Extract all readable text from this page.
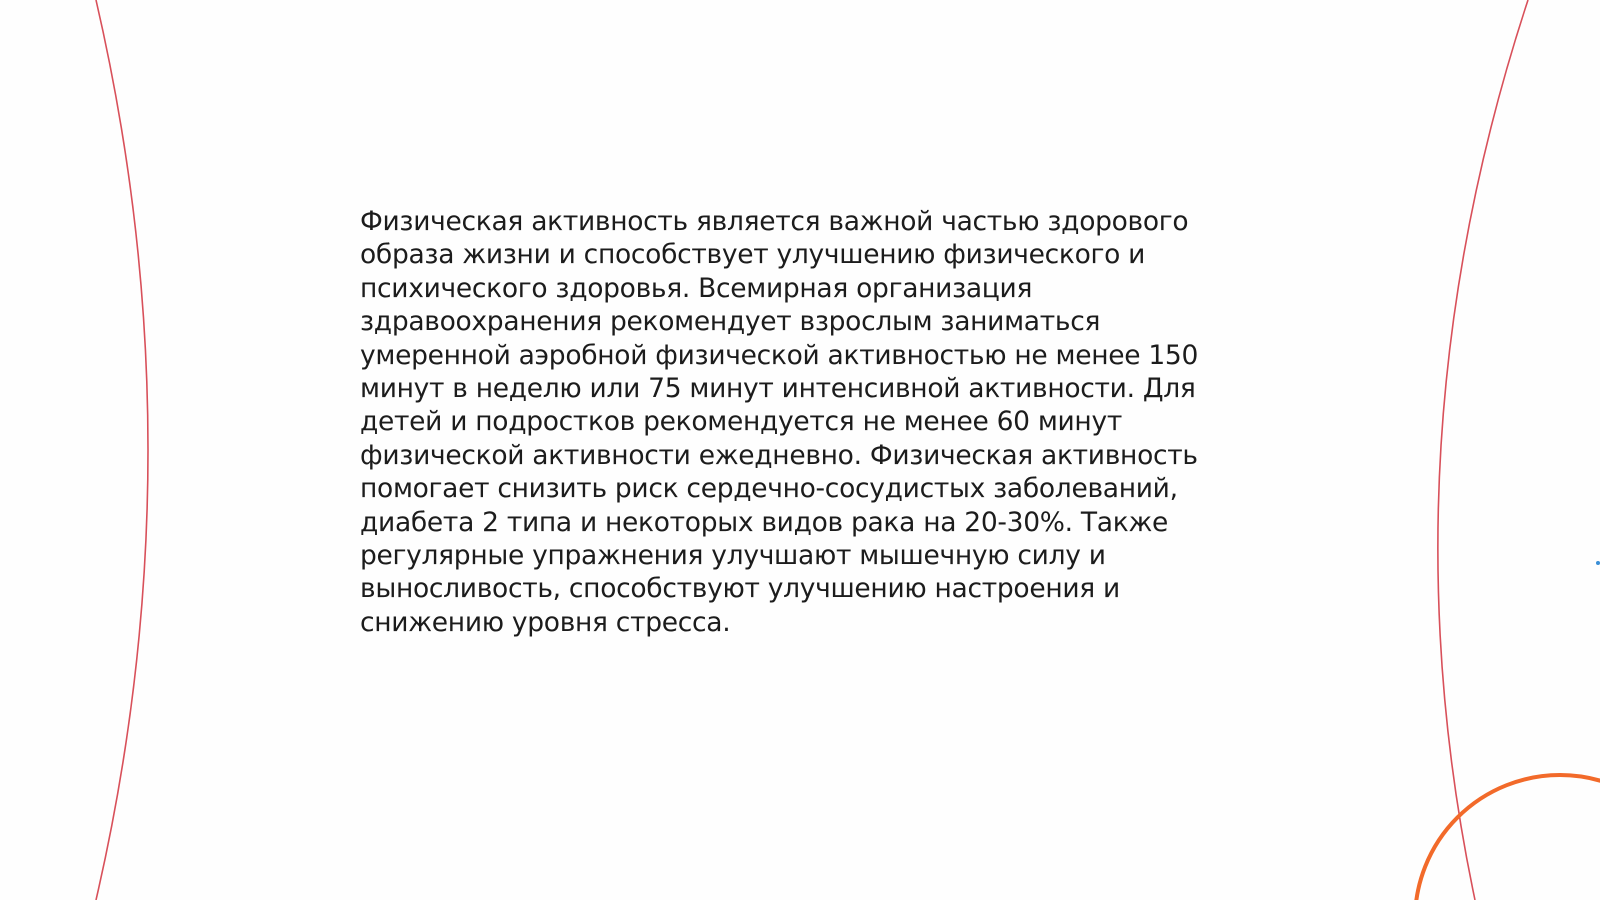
Физическая активность является важной частью здорового
образа жизни и способствует улучшению физического и
психического здоровья. Всемирная организация
здравоохранения рекомендует взрослым заниматься
умеренной аэробной физической активностью не менее 150
минут в неделю или 75 минут интенсивной активности. Для
детей и подростков рекомендуется не менее 60 минут
физической активности ежедневно. Физическая активность
помогает снизить риск сердечно-сосудистых заболеваний,
диабета 2 типа и некоторых видов рака на 20-30%. Также
регулярные упражнения улучшают мышечную силу и
выносливость, способствуют улучшению настроения и
снижению уровня стресса.
